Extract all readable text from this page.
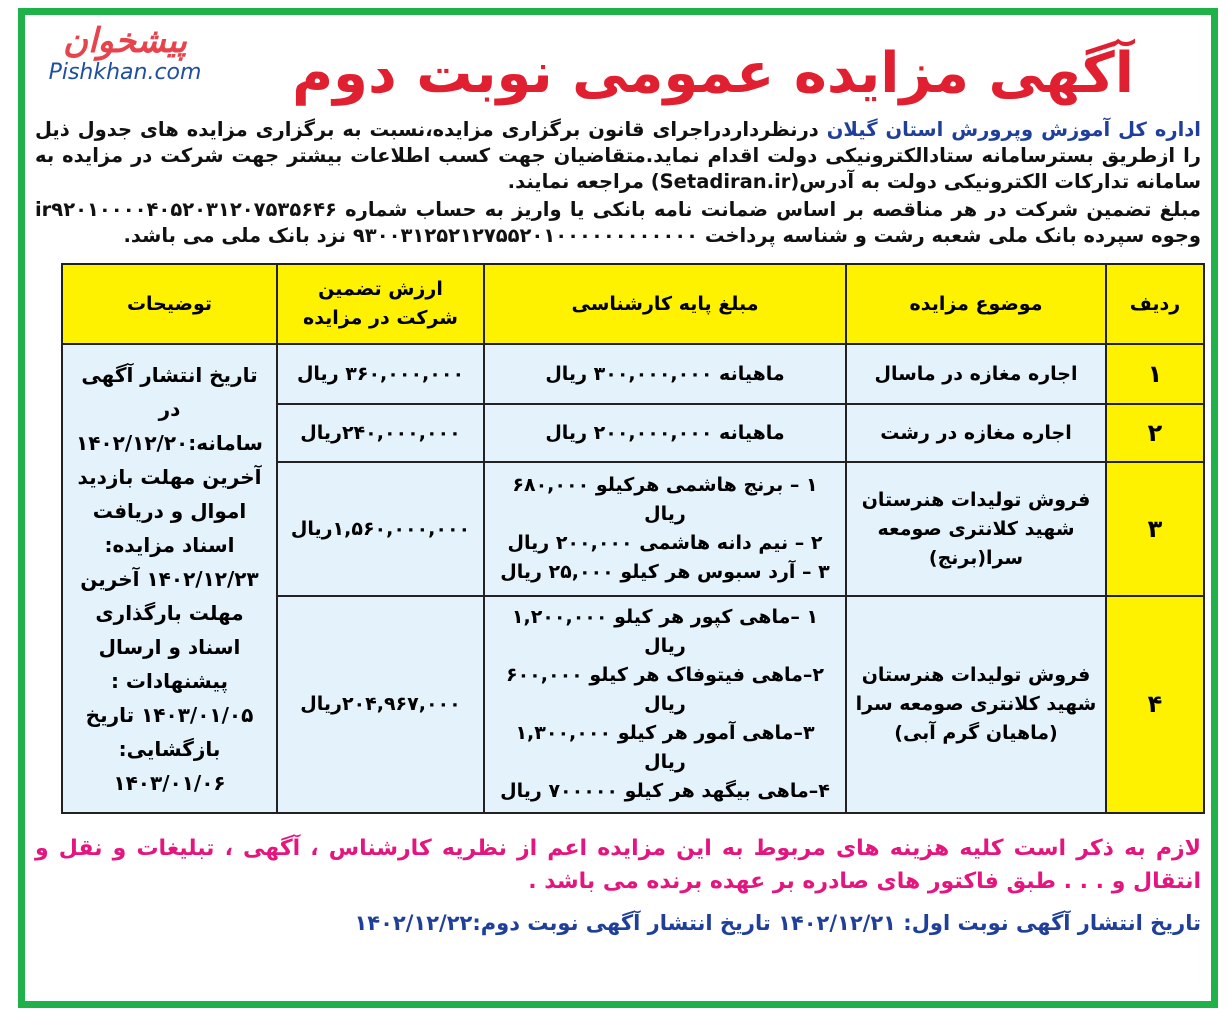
پیشخوان
Pishkhan.com	آگهی مزایده عمومی نوبت دوم
اداره کل آموزش وپرورش استان گیلان درنظرداردراجرای قانون برگزاری مزایده،نسبت به برگزاری مزایده های جدول ذیل را ازطریق بسترسامانه ستادالکترونیکی دولت اقدام نماید.متقاضیان جهت کسب اطلاعات بیشتر جهت شرکت در مزایده به سامانه تدارکات الکترونیکی دولت به آدرس(Setadiran.ir) مراجعه نمایند.
مبلغ تضمین شرکت در هر مناقصه بر اساس ضمانت نامه بانکی یا واریز به حساب شماره ir۹۲۰۱۰۰۰۰۴۰۵۲۰۳۱۲۰۷۵۳۵۶۴۶ وجوه سپرده بانک ملی شعبه رشت و شناسه پرداخت ۹۳۰۰۳۱۲۵۲۱۲۷۵۵۲۰۱۰۰۰۰۰۰۰۰۰۰۰۰ نزد بانک ملی می باشد.
ردیف	موضوع مزایده	مبلغ پایه کارشناسی	ارزش تضمین شرکت در مزایده	توضیحات
۱	اجاره مغازه در ماسال	ماهیانه ۳۰۰,۰۰۰,۰۰۰ ریال	۳۶۰,۰۰۰,۰۰۰ ریال	تاریخ انتشار آگهی در سامانه:۱۴۰۲/۱۲/۲۰ آخرین مهلت بازدید اموال و دریافت اسناد مزایده: ۱۴۰۲/۱۲/۲۳ آخرین مهلت بارگذاری اسناد و ارسال پیشنهادات : ۱۴۰۳/۰۱/۰۵ تاریخ بازگشایی: ۱۴۰۳/۰۱/۰۶
۲	اجاره مغازه در رشت	ماهیانه ۲۰۰,۰۰۰,۰۰۰ ریال	۲۴۰,۰۰۰,۰۰۰ریال	
۳	فروش تولیدات هنرستان شهید کلانتری صومعه سرا(برنج)	۱ – برنج هاشمی هرکیلو ۶۸۰,۰۰۰ ریال
۲ – نیم دانه هاشمی ۲۰۰,۰۰۰ ریال
۳ – آرد سبوس هر کیلو ۲۵,۰۰۰ ریال	۱,۵۶۰,۰۰۰,۰۰۰ریال	
۴	فروش تولیدات هنرستان شهید کلانتری صومعه سرا (ماهیان گرم آبی)	۱ –ماهی کپور هر کیلو ۱,۲۰۰,۰۰۰ ریال
۲–ماهی فیتوفاک هر کیلو ۶۰۰,۰۰۰ ریال
۳–ماهی آمور هر کیلو ۱,۳۰۰,۰۰۰ ریال
۴–ماهی بیگهد هر کیلو ۷۰۰۰۰۰ ریال	۲۰۴,۹۶۷,۰۰۰ریال	
لازم به ذکر است کلیه هزینه های مربوط به این مزایده اعم از نظریه کارشناس ، آگهی ، تبلیغات و نقل و انتقال و . . . طبق فاکتور های صادره بر عهده برنده می باشد .
تاریخ انتشار آگهی نوبت اول: ۱۴۰۲/۱۲/۲۱ تاریخ انتشار آگهی نوبت دوم:۱۴۰۲/۱۲/۲۲
